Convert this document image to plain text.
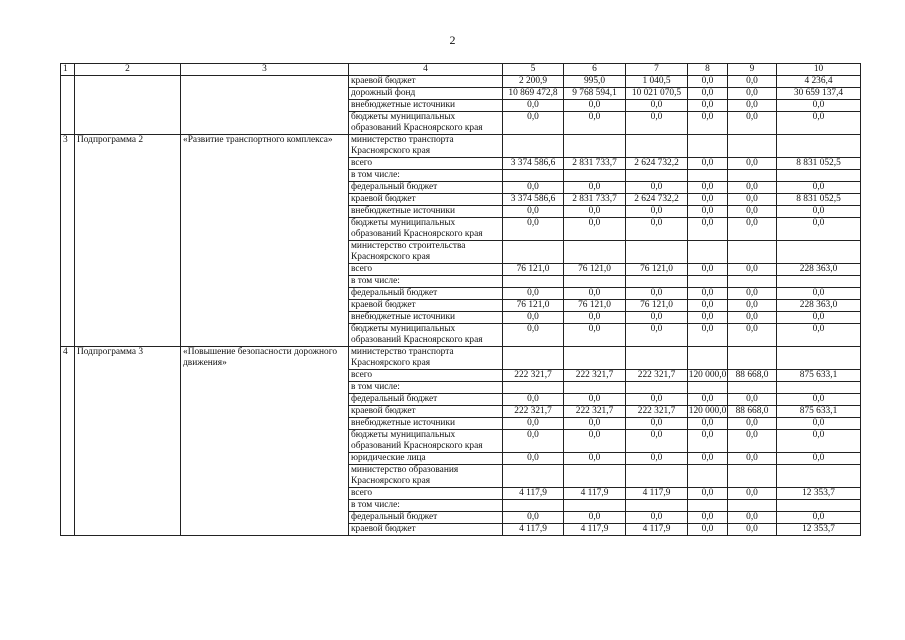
2
1	2	3	4	5	6	7	8	9	10
			краевой бюджет	2 200,9	995,0	1 040,5	0,0	0,0	4 236,4
			дорожный фонд	10 869 472,8	9 768 594,1	10 021 070,5	0,0	0,0	30 659 137,4
			внебюджетные источники	0,0	0,0	0,0	0,0	0,0	0,0
			бюджеты муниципальных образований Красноярского края	0,0	0,0	0,0	0,0	0,0	0,0
3	Подпрограмма 2	«Развитие транспортного комплекса»	министерство транспорта Красноярского края						
			всего	3 374 586,6	2 831 733,7	2 624 732,2	0,0	0,0	8 831 052,5
			в том числе:						
			федеральный бюджет	0,0	0,0	0,0	0,0	0,0	0,0
			краевой бюджет	3 374 586,6	2 831 733,7	2 624 732,2	0,0	0,0	8 831 052,5
			внебюджетные источники	0,0	0,0	0,0	0,0	0,0	0,0
			бюджеты муниципальных образований Красноярского края	0,0	0,0	0,0	0,0	0,0	0,0
			министерство строительства Красноярского края						
			всего	76 121,0	76 121,0	76 121,0	0,0	0,0	228 363,0
			в том числе:						
			федеральный бюджет	0,0	0,0	0,0	0,0	0,0	0,0
			краевой бюджет	76 121,0	76 121,0	76 121,0	0,0	0,0	228 363,0
			внебюджетные источники	0,0	0,0	0,0	0,0	0,0	0,0
			бюджеты муниципальных образований Красноярского края	0,0	0,0	0,0	0,0	0,0	0,0
4	Подпрограмма 3	«Повышение безопасности дорожного движения»	министерство транспорта Красноярского края						
			всего	222 321,7	222 321,7	222 321,7	120 000,0	88 668,0	875 633,1
			в том числе:						
			федеральный бюджет	0,0	0,0	0,0	0,0	0,0	0,0
			краевой бюджет	222 321,7	222 321,7	222 321,7	120 000,0	88 668,0	875 633,1
			внебюджетные источники	0,0	0,0	0,0	0,0	0,0	0,0
			бюджеты муниципальных образований Красноярского края	0,0	0,0	0,0	0,0	0,0	0,0
			юридические лица	0,0	0,0	0,0	0,0	0,0	0,0
			министерство образования Красноярского края						
			всего	4 117,9	4 117,9	4 117,9	0,0	0,0	12 353,7
			в том числе:						
			федеральный бюджет	0,0	0,0	0,0	0,0	0,0	0,0
			краевой бюджет	4 117,9	4 117,9	4 117,9	0,0	0,0	12 353,7
